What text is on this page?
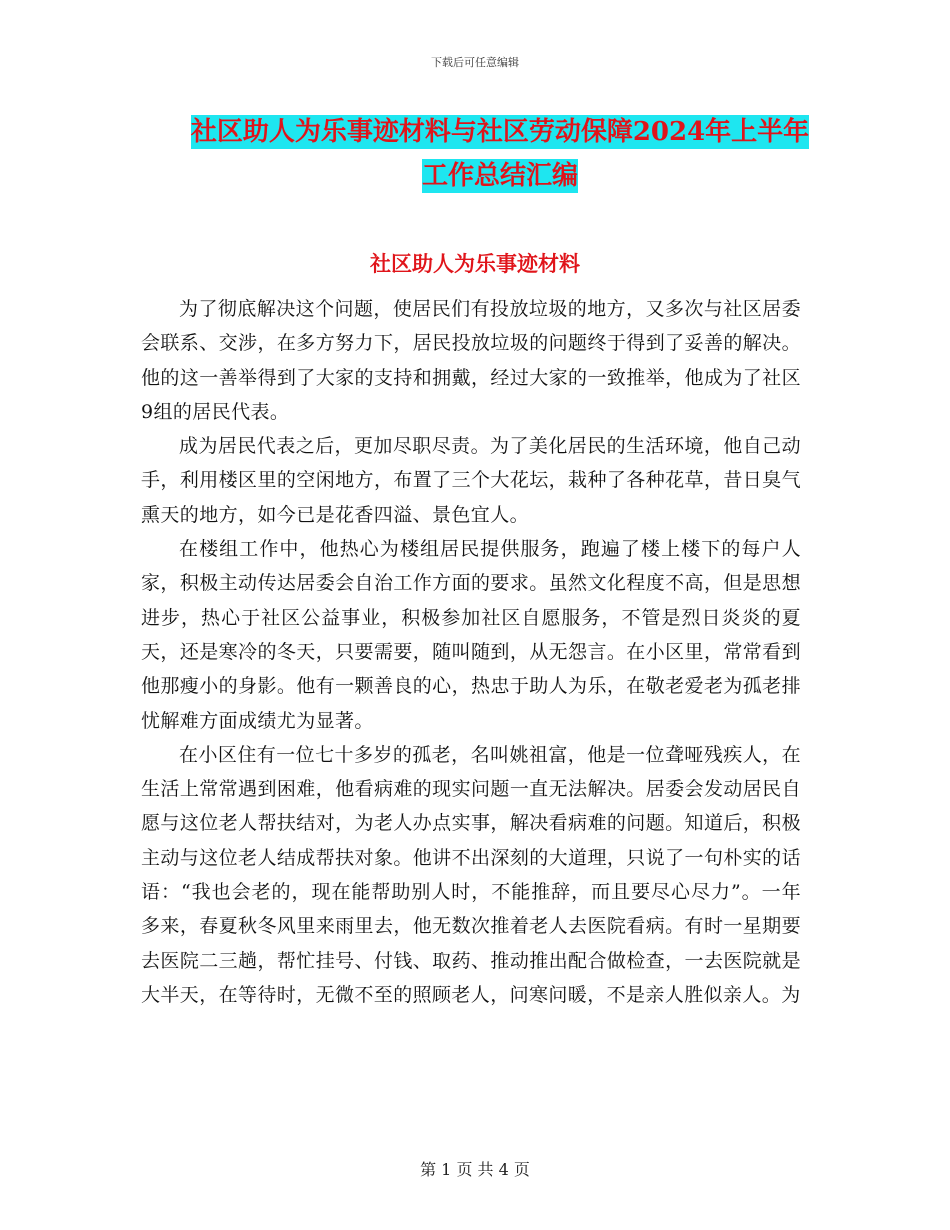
下载后可任意编辑
社区助人为乐事迹材料与社区劳动保障2024年上半年
工作总结汇编
社区助人为乐事迹材料

为了彻底解决这个问题，使居民们有投放垃圾的地方，又多次与社区居委会联系、交涉，在多方努力下，居民投放垃圾的问题终于得到了妥善的解决。他的这一善举得到了大家的支持和拥戴，经过大家的一致推举，他成为了社区9组的居民代表。

成为居民代表之后，更加尽职尽责。为了美化居民的生活环境，他自己动手，利用楼区里的空闲地方，布置了三个大花坛，栽种了各种花草，昔日臭气熏天的地方，如今已是花香四溢、景色宜人。

在楼组工作中，他热心为楼组居民提供服务，跑遍了楼上楼下的每户人家，积极主动传达居委会自治工作方面的要求。虽然文化程度不高，但是思想进步，热心于社区公益事业，积极参加社区自愿服务，不管是烈日炎炎的夏天，还是寒冷的冬天，只要需要，随叫随到，从无怨言。在小区里，常常看到他那瘦小的身影。他有一颗善良的心，热忠于助人为乐，在敬老爱老为孤老排忧解难方面成绩尤为显著。

在小区住有一位七十多岁的孤老，名叫姚祖富，他是一位聋哑残疾人，在生活上常常遇到困难，他看病难的现实问题一直无法解决。居委会发动居民自愿与这位老人帮扶结对，为老人办点实事，解决看病难的问题。知道后，积极主动与这位老人结成帮扶对象。他讲不出深刻的大道理，只说了一句朴实的话语：“我也会老的，现在能帮助别人时，不能推辞，而且要尽心尽力”。一年多来，春夏秋冬风里来雨里去，他无数次推着老人去医院看病。有时一星期要去医院二三趟，帮忙挂号、付钱、取药、推动推出配合做检查，一去医院就是大半天，在等待时，无微不至的照顾老人，问寒问暖，不是亲人胜似亲人。为

第 1 页 共 4 页
